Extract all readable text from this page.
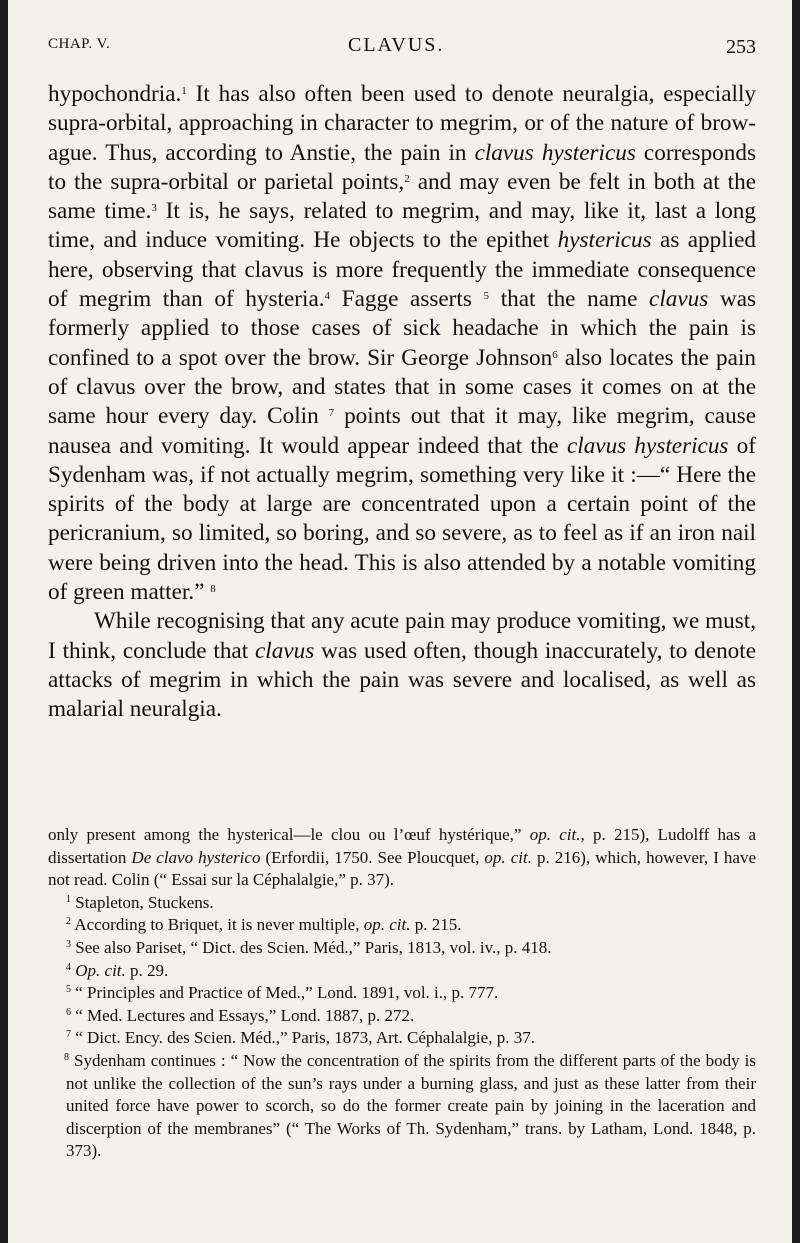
CHAP. V.	CLAVUS.	253

hypochondria.$^1$ It has also often been used to denote neuralgia, especially supra-orbital, approaching in character to megrim, or of the nature of brow-ague. Thus, according to Anstie, the pain in clavus hystericus corresponds to the supra-orbital or parietal points,$^2$ and may even be felt in both at the same time.$^3$ It is, he says, related to megrim, and may, like it, last a long time, and induce vomiting. He objects to the epithet hystericus as applied here, observing that clavus is more frequently the immediate consequence of megrim than of hysteria.$^4$ Fagge asserts $^5$ that the name clavus was formerly applied to those cases of sick headache in which the pain is confined to a spot over the brow. Sir George Johnson$^6$ also locates the pain of clavus over the brow, and states that in some cases it comes on at the same hour every day. Colin $^7$ points out that it may, like megrim, cause nausea and vomiting. It would appear indeed that the clavus hystericus of Sydenham was, if not actually megrim, something very like it :—“ Here the spirits of the body at large are concentrated upon a certain point of the pericranium, so limited, so boring, and so severe, as to feel as if an iron nail were being driven into the head. This is also attended by a notable vomiting of green matter.” $^8$

While recognising that any acute pain may produce vomiting, we must, I think, conclude that clavus was used often, though inaccurately, to denote attacks of megrim in which the pain was severe and localised, as well as malarial neuralgia.

only present among the hysterical—le clou ou l’œuf hystérique,” op. cit., p. 215), Ludolff has a dissertation De clavo hysterico (Erfordii, 1750. See Ploucquet, op. cit. p. 216), which, however, I have not read. Colin (“ Essai sur la Céphalalgie,” p. 37).

$^1$ Stapleton, Stuckens.

$^2$ According to Briquet, it is never multiple, op. cit. p. 215.

$^3$ See also Pariset, “ Dict. des Scien. Méd.,” Paris, 1813, vol. iv., p. 418.

$^4$ Op. cit. p. 29.

$^5$ “ Principles and Practice of Med.,” Lond. 1891, vol. i., p. 777.

$^6$ “ Med. Lectures and Essays,” Lond. 1887, p. 272.

$^7$ “ Dict. Ency. des Scien. Méd.,” Paris, 1873, Art. Céphalalgie, p. 37.

$^8$ Sydenham continues : “ Now the concentration of the spirits from the different parts of the body is not unlike the collection of the sun’s rays under a burning glass, and just as these latter from their united force have power to scorch, so do the former create pain by joining in the laceration and discerption of the membranes” (“ The Works of Th. Sydenham,” trans. by Latham, Lond. 1848, p. 373).
